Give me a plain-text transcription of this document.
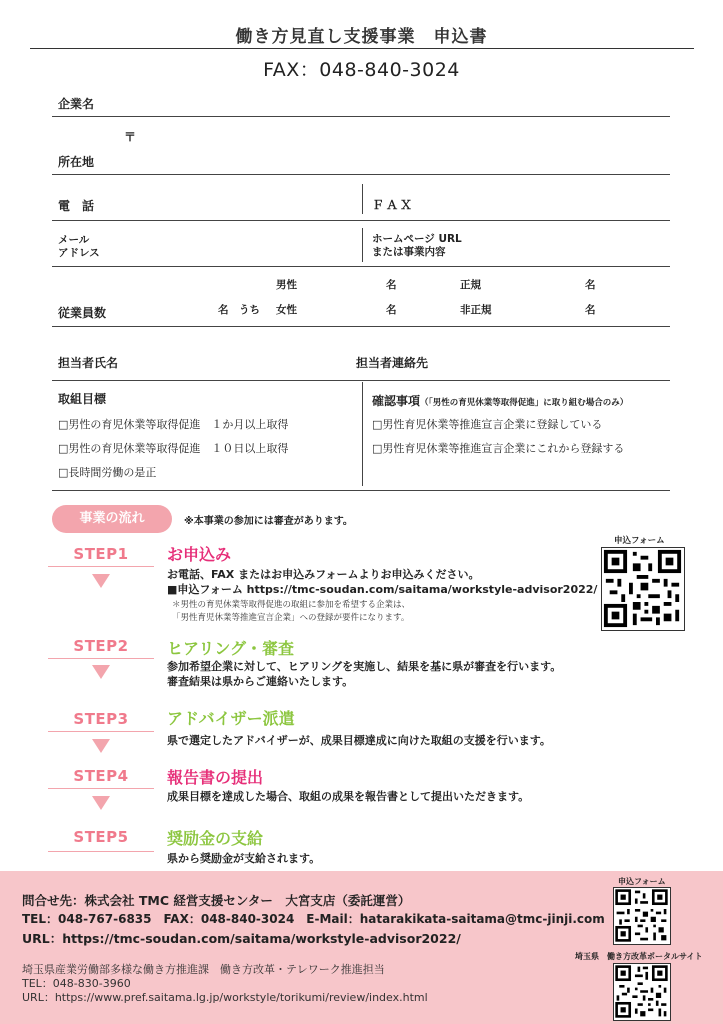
働き方見直し支援事業　申込書
FAX：048-840-3024
企業名
〒
所在地
電　話	ＦＡＸ
メール
アドレス
ホームページ URL
または事業内容
男性	名	正規	名
従業員数	名　うち 女性	名	非正規	名
担当者氏名	担当者連絡先
取組目標
□男性の育児休業等取得促進　１か月以上取得
□男性の育児休業等取得促進　１０日以上取得
□長時間労働の是正
確認事項（「男性の育児休業等取得促進」に取り組む場合のみ）
□男性育児休業等推進宣言企業に登録している
□男性育児休業等推進宣言企業にこれから登録する
事業の流れ	※本事業の参加には審査があります。
申込フォーム
STEP1	お申込み
お電話、FAX またはお申込みフォームよりお申込みください。
■申込フォーム https://tmc-soudan.com/saitama/workstyle-advisor2022/
＊男性の育児休業等取得促進の取組に参加を希望する企業は、
「男性育児休業等推進宣言企業」への登録が要件になります。
STEP2	ヒアリング・審査
参加希望企業に対して、ヒアリングを実施し、結果を基に県が審査を行います。
審査結果は県からご連絡いたします。
STEP3	アドバイザー派遣
県で選定したアドバイザーが、成果目標達成に向けた取組の支援を行います。
STEP4	報告書の提出
成果目標を達成した場合、取組の成果を報告書として提出いただきます。
STEP5	奨励金の支給
県から奨励金が支給されます。
問合せ先：株式会社 TMC 経営支援センター　大宮支店（委託運営）
TEL：048-767-6835　FAX：048-840-3024　E-Mail：hatarakikata-saitama@tmc-jinji.com
URL：https://tmc-soudan.com/saitama/workstyle-advisor2022/
埼玉県産業労働部多様な働き方推進課　働き方改革・テレワーク推進担当
TEL：048-830-3960
URL：https://www.pref.saitama.lg.jp/workstyle/torikumi/review/index.html
申込フォーム
埼玉県　働き方改革ポータルサイト
